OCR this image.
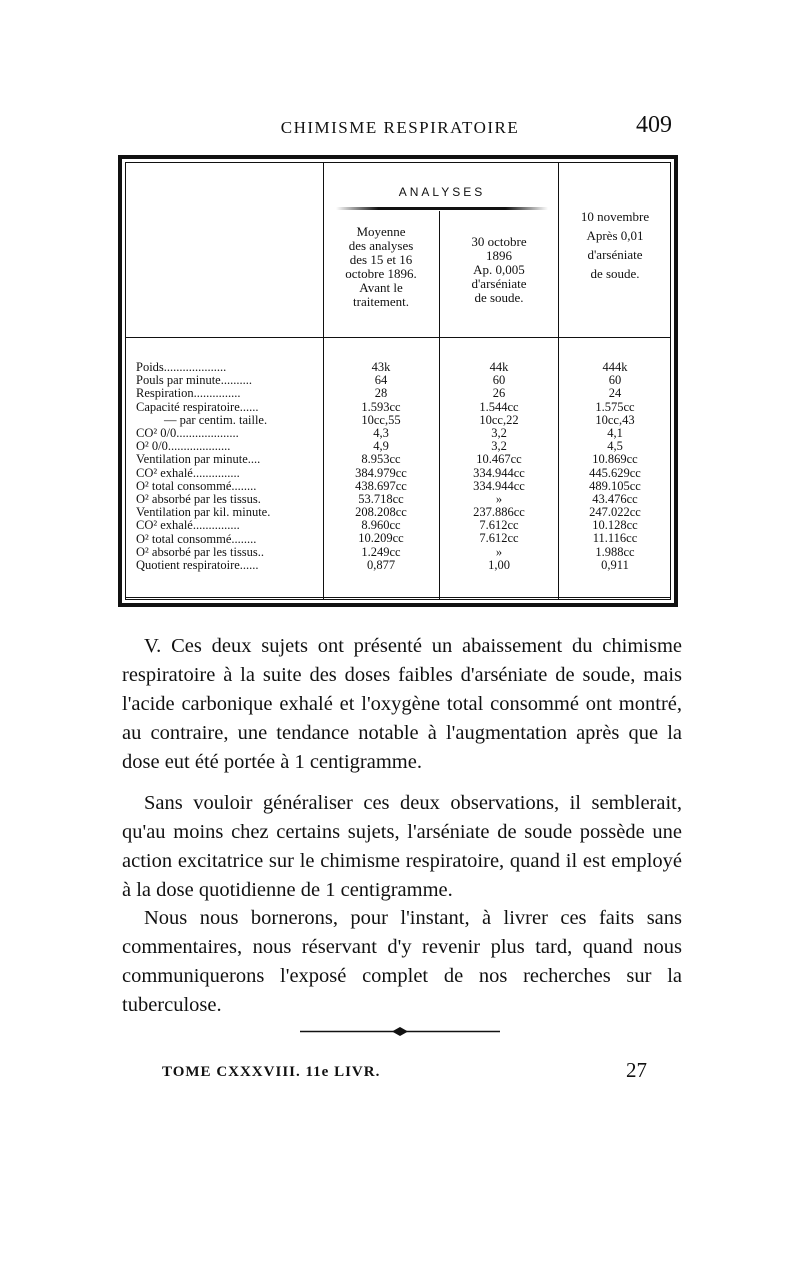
CHIMISME RESPIRATOIRE	409
ANALYSES
Moyenne
des analyses
des 15 et 16
octobre 1896.
Avant le
traitement.
30 octobre
1896
Ap. 0,005
d'arséniate
de soude.
10 novembre
Après 0,01
d'arséniate
de soude.
Poids....................
Pouls par minute..........
Respiration...............
Capacité respiratoire......
— par centim. taille.
CO² 0/0....................
O² 0/0....................
Ventilation par minute....
CO² exhalé...............
O² total consommé........
O² absorbé par les tissus.
Ventilation par kil. minute.
CO² exhalé...............
O² total consommé........
O² absorbé par les tissus..
Quotient respiratoire......
43k
64
28
1.593cc
10cc,55
4,3
4,9
8.953cc
384.979cc
438.697cc
53.718cc
208.208cc
8.960cc
10.209cc
1.249cc
0,877
44k
60
26
1.544cc
10cc,22
3,2
3,2
10.467cc
334.944cc
334.944cc
»
237.886cc
7.612cc
7.612cc
»
1,00
444k
60
24
1.575cc
10cc,43
4,1
4,5
10.869cc
445.629cc
489.105cc
43.476cc
247.022cc
10.128cc
11.116cc
1.988cc
0,911

V. Ces deux sujets ont présenté un abaissement du chimisme respiratoire à la suite des doses faibles d'arséniate de soude, mais l'acide carbonique exhalé et l'oxygène total consommé ont montré, au contraire, une tendance notable à l'augmentation après que la dose eut été portée à 1 centigramme.

Sans vouloir généraliser ces deux observations, il semblerait, qu'au moins chez certains sujets, l'arséniate de soude possède une action excitatrice sur le chimisme respiratoire, quand il est employé à la dose quotidienne de 1 centigramme.

Nous nous bornerons, pour l'instant, à livrer ces faits sans commentaires, nous réservant d'y revenir plus tard, quand nous communiquerons l'exposé complet de nos recherches sur la tuberculose.

TOME CXXXVIII. 11e LIVR.	27
